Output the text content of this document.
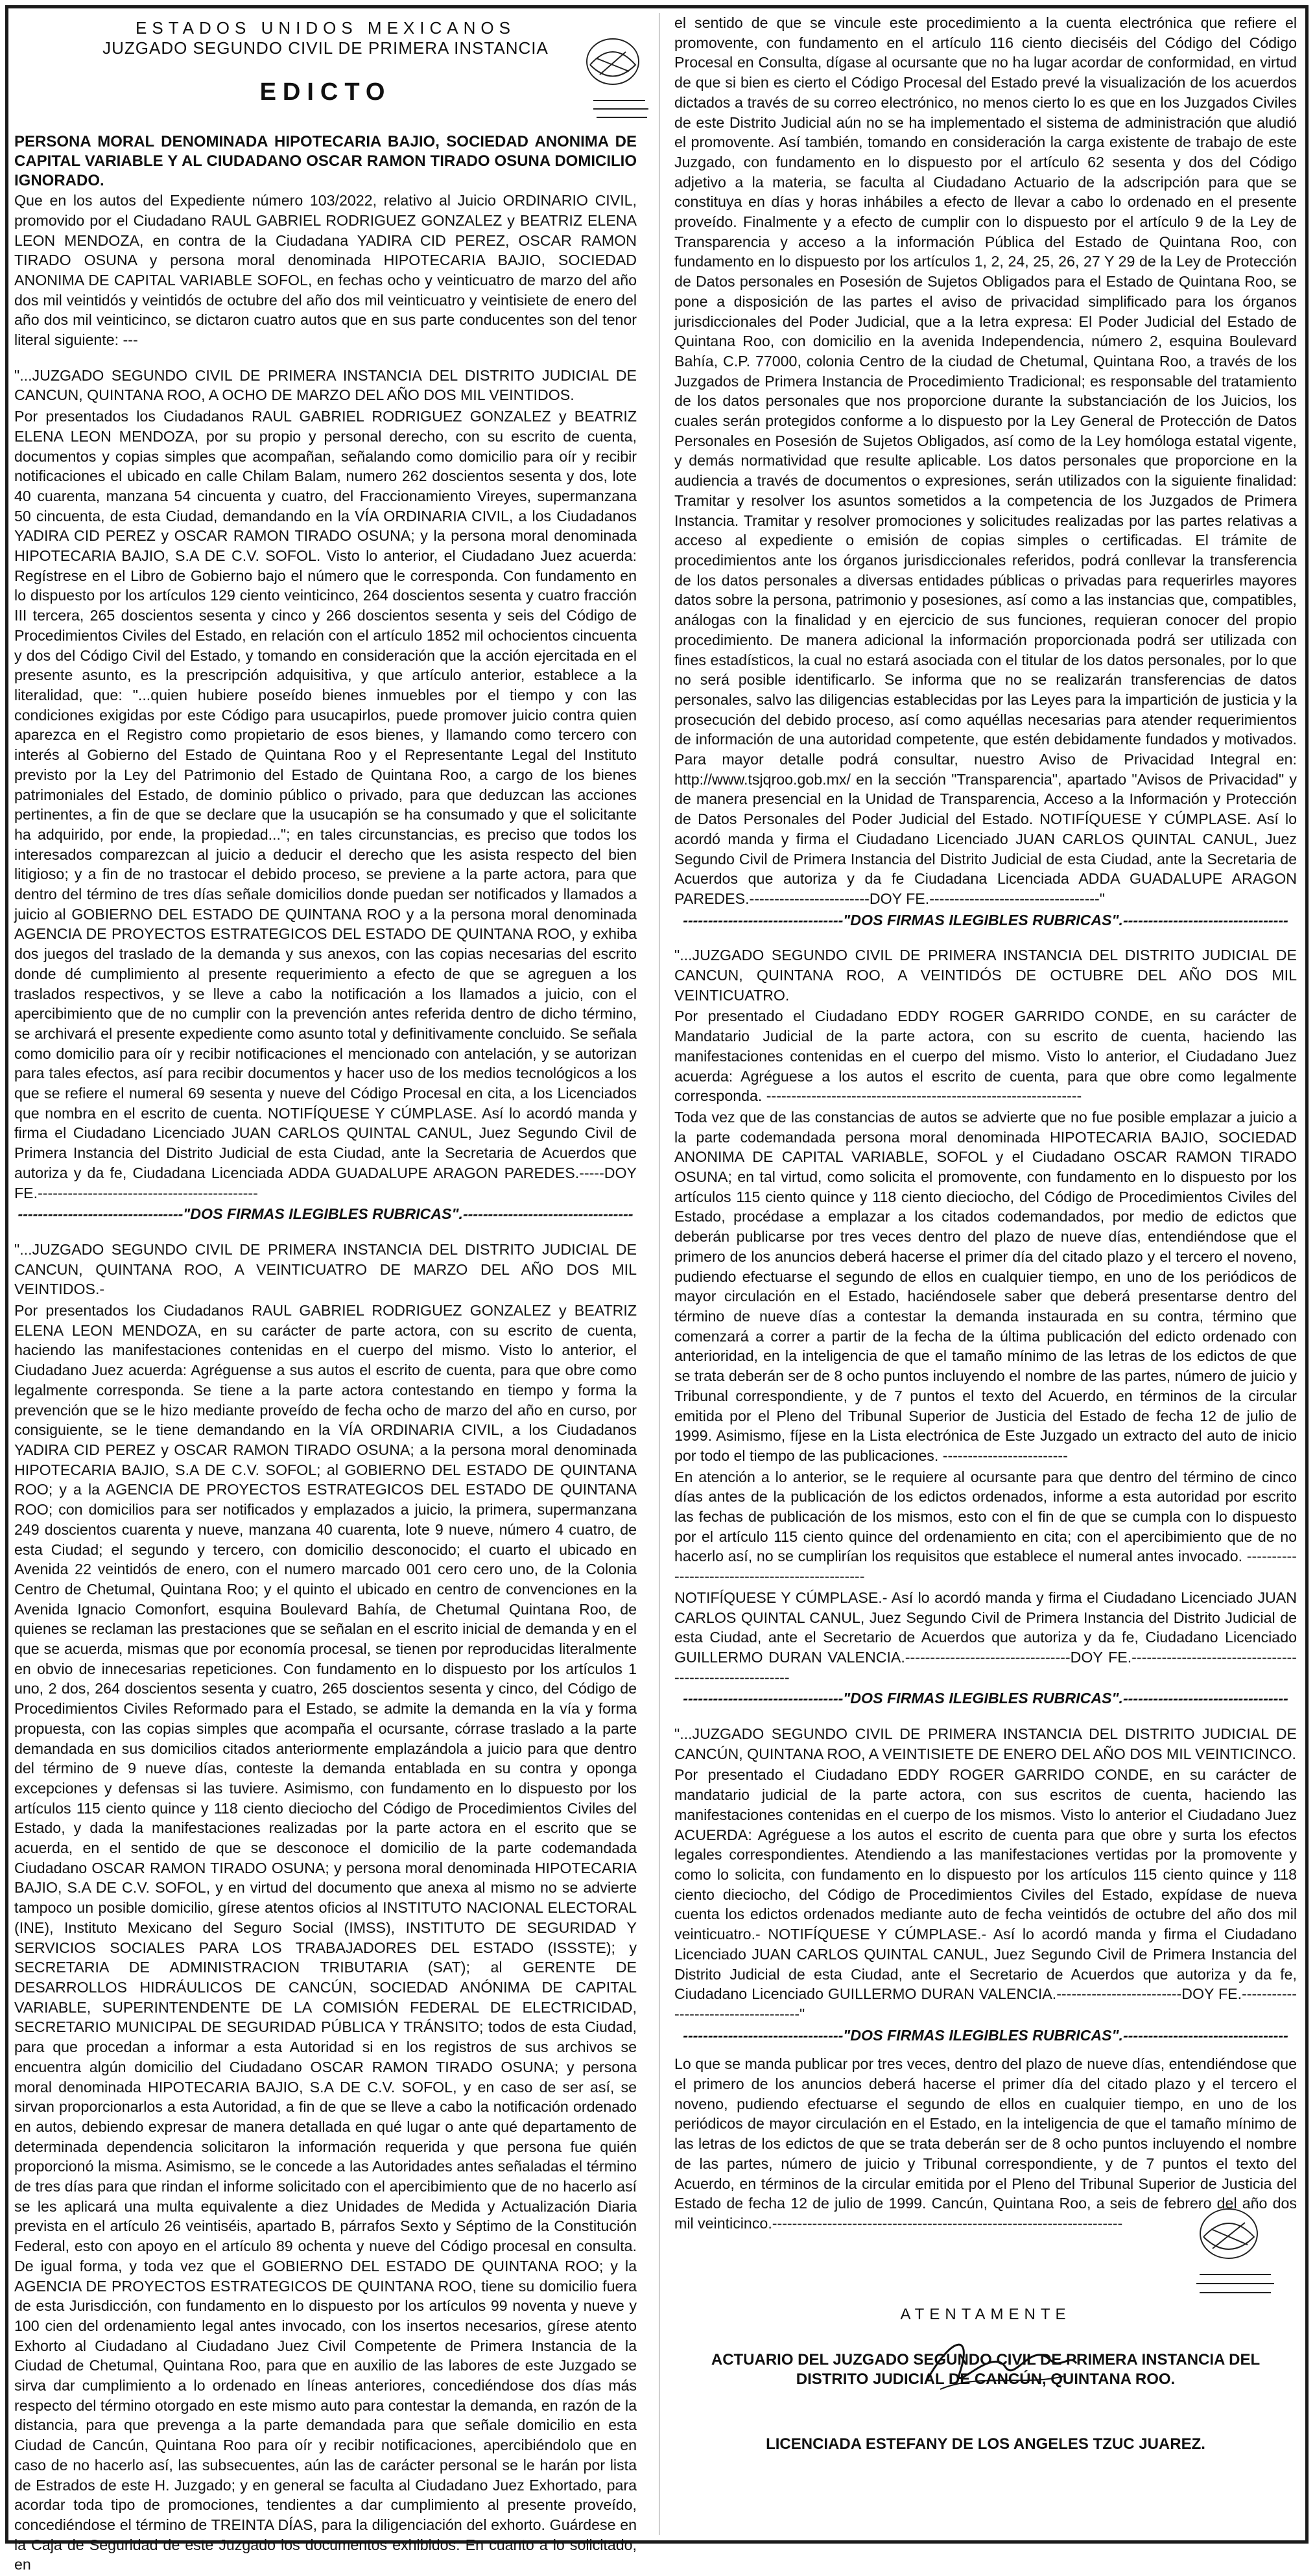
ESTADOS UNIDOS MEXICANOS
JUZGADO SEGUNDO CIVIL DE PRIMERA INSTANCIA
EDICTO
PERSONA MORAL DENOMINADA HIPOTECARIA BAJIO, SOCIEDAD ANONIMA DE CAPITAL VARIABLE Y AL CIUDADANO OSCAR RAMON TIRADO OSUNA DOMICILIO IGNORADO.
Que en los autos del Expediente número 103/2022, relativo al Juicio ORDINARIO CIVIL, promovido por el Ciudadano RAUL GABRIEL RODRIGUEZ GONZALEZ y BEATRIZ ELENA LEON MENDOZA, en contra de la Ciudadana YADIRA CID PEREZ, OSCAR RAMON TIRADO OSUNA y persona moral denominada HIPOTECARIA BAJIO, SOCIEDAD ANONIMA DE CAPITAL VARIABLE SOFOL, en fechas ocho y veinticuatro de marzo del año dos mil veintidós y veintidós de octubre del año dos mil veinticuatro y veintisiete de enero del año dos mil veinticinco, se dictaron cuatro autos que en sus parte conducentes son del tenor literal siguiente: ---
"...JUZGADO SEGUNDO CIVIL DE PRIMERA INSTANCIA DEL DISTRITO JUDICIAL DE CANCUN, QUINTANA ROO, A OCHO DE MARZO DEL AÑO DOS MIL VEINTIDOS.
Por presentados los Ciudadanos RAUL GABRIEL RODRIGUEZ GONZALEZ y BEATRIZ ELENA LEON MENDOZA, por su propio y personal derecho, con su escrito de cuenta, documentos y copias simples que acompañan, señalando como domicilio para oír y recibir notificaciones el ubicado en calle Chilam Balam, numero 262 doscientos sesenta y dos, lote 40 cuarenta, manzana 54 cincuenta y cuatro, del Fraccionamiento Vireyes, supermanzana 50 cincuenta, de esta Ciudad, demandando en la VÍA ORDINARIA CIVIL, a los Ciudadanos YADIRA CID PEREZ y OSCAR RAMON TIRADO OSUNA; y la persona moral denominada HIPOTECARIA BAJIO, S.A DE C.V. SOFOL. Visto lo anterior, el Ciudadano Juez acuerda: Regístrese en el Libro de Gobierno bajo el número que le corresponda. Con fundamento en lo dispuesto por los artículos 129 ciento veinticinco, 264 doscientos sesenta y cuatro fracción III tercera, 265 doscientos sesenta y cinco y 266 doscientos sesenta y seis del Código de Procedimientos Civiles del Estado, en relación con el artículo 1852 mil ochocientos cincuenta y dos del Código Civil del Estado, y tomando en consideración que la acción ejercitada en el presente asunto, es la prescripción adquisitiva, y que artículo anterior, establece a la literalidad, que: "...quien hubiere poseído bienes inmuebles por el tiempo y con las condiciones exigidas por este Código para usucapirlos, puede promover juicio contra quien aparezca en el Registro como propietario de esos bienes, y llamando como tercero con interés al Gobierno del Estado de Quintana Roo y el Representante Legal del Instituto previsto por la Ley del Patrimonio del Estado de Quintana Roo, a cargo de los bienes patrimoniales del Estado, de dominio público o privado, para que deduzcan las acciones pertinentes, a fin de que se declare que la usucapión se ha consumado y que el solicitante ha adquirido, por ende, la propiedad..."; en tales circunstancias, es preciso que todos los interesados comparezcan al juicio a deducir el derecho que les asista respecto del bien litigioso; y a fin de no trastocar el debido proceso, se previene a la parte actora, para que dentro del término de tres días señale domicilios donde puedan ser notificados y llamados a juicio al GOBIERNO DEL ESTADO DE QUINTANA ROO y a la persona moral denominada AGENCIA DE PROYECTOS ESTRATEGICOS DEL ESTADO DE QUINTANA ROO, y exhiba dos juegos del traslado de la demanda y sus anexos, con las copias necesarias del escrito donde dé cumplimiento al presente requerimiento a efecto de que se agreguen a los traslados respectivos, y se lleve a cabo la notificación a los llamados a juicio, con el apercibimiento que de no cumplir con la prevención antes referida dentro de dicho término, se archivará el presente expediente como asunto total y definitivamente concluido. Se señala como domicilio para oír y recibir notificaciones el mencionado con antelación, y se autorizan para tales efectos, así para recibir documentos y hacer uso de los medios tecnológicos a los que se refiere el numeral 69 sesenta y nueve del Código Procesal en cita, a los Licenciados que nombra en el escrito de cuenta. NOTIFÍQUESE Y CÚMPLASE. Así lo acordó manda y firma el Ciudadano Licenciado JUAN CARLOS QUINTAL CANUL, Juez Segundo Civil de Primera Instancia del Distrito Judicial de esta Ciudad, ante la Secretaria de Acuerdos que autoriza y da fe, Ciudadana Licenciada ADDA GUADALUPE ARAGON PAREDES.-----DOY FE.--------------------------------------------
---------------------------------"DOS FIRMAS ILEGIBLES RUBRICAS".----------------------------------
"...JUZGADO SEGUNDO CIVIL DE PRIMERA INSTANCIA DEL DISTRITO JUDICIAL DE CANCUN, QUINTANA ROO, A VEINTICUATRO DE MARZO DEL AÑO DOS MIL VEINTIDOS.-
Por presentados los Ciudadanos RAUL GABRIEL RODRIGUEZ GONZALEZ y BEATRIZ ELENA LEON MENDOZA, en su carácter de parte actora, con su escrito de cuenta, haciendo las manifestaciones contenidas en el cuerpo del mismo. Visto lo anterior, el Ciudadano Juez acuerda: Agréguense a sus autos el escrito de cuenta, para que obre como legalmente corresponda. Se tiene a la parte actora contestando en tiempo y forma la prevención que se le hizo mediante proveído de fecha ocho de marzo del año en curso, por consiguiente, se le tiene demandando en la VÍA ORDINARIA CIVIL, a los Ciudadanos YADIRA CID PEREZ y OSCAR RAMON TIRADO OSUNA; a la persona moral denominada HIPOTECARIA BAJIO, S.A DE C.V. SOFOL; al GOBIERNO DEL ESTADO DE QUINTANA ROO; y a la AGENCIA DE PROYECTOS ESTRATEGICOS DEL ESTADO DE QUINTANA ROO; con domicilios para ser notificados y emplazados a juicio, la primera, supermanzana 249 doscientos cuarenta y nueve, manzana 40 cuarenta, lote 9 nueve, número 4 cuatro, de esta Ciudad; el segundo y tercero, con domicilio desconocido; el cuarto el ubicado en Avenida 22 veintidós de enero, con el numero marcado 001 cero cero uno, de la Colonia Centro de Chetumal, Quintana Roo; y el quinto el ubicado en centro de convenciones en la Avenida Ignacio Comonfort, esquina Boulevard Bahía, de Chetumal Quintana Roo, de quienes se reclaman las prestaciones que se señalan en el escrito inicial de demanda y en el que se acuerda, mismas que por economía procesal, se tienen por reproducidas literalmente en obvio de innecesarias repeticiones. Con fundamento en lo dispuesto por los artículos 1 uno, 2 dos, 264 doscientos sesenta y cuatro, 265 doscientos sesenta y cinco, del Código de Procedimientos Civiles Reformado para el Estado, se admite la demanda en la vía y forma propuesta, con las copias simples que acompaña el ocursante, córrase traslado a la parte demandada en sus domicilios citados anteriormente emplazándola a juicio para que dentro del término de 9 nueve días, conteste la demanda entablada en su contra y oponga excepciones y defensas si las tuviere. Asimismo, con fundamento en lo dispuesto por los artículos 115 ciento quince y 118 ciento dieciocho del Código de Procedimientos Civiles del Estado, y dada la manifestaciones realizadas por la parte actora en el escrito que se acuerda, en el sentido de que se desconoce el domicilio de la parte codemandada Ciudadano OSCAR RAMON TIRADO OSUNA; y persona moral denominada HIPOTECARIA BAJIO, S.A DE C.V. SOFOL, y en virtud del documento que anexa al mismo no se advierte tampoco un posible domicilio, gírese atentos oficios al INSTITUTO NACIONAL ELECTORAL (INE), Instituto Mexicano del Seguro Social (IMSS), INSTITUTO DE SEGURIDAD Y SERVICIOS SOCIALES PARA LOS TRABAJADORES DEL ESTADO (ISSSTE); y SECRETARIA DE ADMINISTRACION TRIBUTARIA (SAT); al GERENTE DE DESARROLLOS HIDRÁULICOS DE CANCÚN, SOCIEDAD ANÓNIMA DE CAPITAL VARIABLE, SUPERINTENDENTE DE LA COMISIÓN FEDERAL DE ELECTRICIDAD, SECRETARIO MUNICIPAL DE SEGURIDAD PÚBLICA Y TRÁNSITO; todos de esta Ciudad, para que procedan a informar a esta Autoridad si en los registros de sus archivos se encuentra algún domicilio del Ciudadano OSCAR RAMON TIRADO OSUNA; y persona moral denominada HIPOTECARIA BAJIO, S.A DE C.V. SOFOL, y en caso de ser así, se sirvan proporcionarlos a esta Autoridad, a fin de que se lleve a cabo la notificación ordenado en autos, debiendo expresar de manera detallada en qué lugar o ante qué departamento de determinada dependencia solicitaron la información requerida y que persona fue quién proporcionó la misma. Asimismo, se le concede a las Autoridades antes señaladas el término de tres días para que rindan el informe solicitado con el apercibimiento que de no hacerlo así se les aplicará una multa equivalente a diez Unidades de Medida y Actualización Diaria prevista en el artículo 26 veintiséis, apartado B, párrafos Sexto y Séptimo de la Constitución Federal, esto con apoyo en el artículo 89 ochenta y nueve del Código procesal en consulta. De igual forma, y toda vez que el GOBIERNO DEL ESTADO DE QUINTANA ROO; y la AGENCIA DE PROYECTOS ESTRATEGICOS DE QUINTANA ROO, tiene su domicilio fuera de esta Jurisdicción, con fundamento en lo dispuesto por los artículos 99 noventa y nueve y 100 cien del ordenamiento legal antes invocado, con los insertos necesarios, gírese atento Exhorto al Ciudadano al Ciudadano Juez Civil Competente de Primera Instancia de la Ciudad de Chetumal, Quintana Roo, para que en auxilio de las labores de este Juzgado se sirva dar cumplimiento a lo ordenado en líneas anteriores, concediéndose dos días más respecto del término otorgado en este mismo auto para contestar la demanda, en razón de la distancia, para que prevenga a la parte demandada para que señale domicilio en esta Ciudad de Cancún, Quintana Roo para oír y recibir notificaciones, apercibiéndolo que en caso de no hacerlo así, las subsecuentes, aún las de carácter personal se le harán por lista de Estrados de este H. Juzgado; y en general se faculta al Ciudadano Juez Exhortado, para acordar toda tipo de promociones, tendientes a dar cumplimiento al presente proveído, concediéndose el término de TREINTA DÍAS, para la diligenciación del exhorto. Guárdese en la Caja de Seguridad de este Juzgado los documentos exhibidos. En cuanto a lo solicitado, en
el sentido de que se vincule este procedimiento a la cuenta electrónica que refiere el promovente, con fundamento en el artículo 116 ciento dieciséis del Código del Código Procesal en Consulta, dígase al ocursante que no ha lugar acordar de conformidad, en virtud de que si bien es cierto el Código Procesal del Estado prevé la visualización de los acuerdos dictados a través de su correo electrónico, no menos cierto lo es que en los Juzgados Civiles de este Distrito Judicial aún no se ha implementado el sistema de administración que aludió el promovente. Así también, tomando en consideración la carga existente de trabajo de este Juzgado, con fundamento en lo dispuesto por el artículo 62 sesenta y dos del Código adjetivo a la materia, se faculta al Ciudadano Actuario de la adscripción para que se constituya en días y horas inhábiles a efecto de llevar a cabo lo ordenado en el presente proveído. Finalmente y a efecto de cumplir con lo dispuesto por el artículo 9 de la Ley de Transparencia y acceso a la información Pública del Estado de Quintana Roo, con fundamento en lo dispuesto por los artículos 1, 2, 24, 25, 26, 27 Y 29 de la Ley de Protección de Datos personales en Posesión de Sujetos Obligados para el Estado de Quintana Roo, se pone a disposición de las partes el aviso de privacidad simplificado para los órganos jurisdiccionales del Poder Judicial, que a la letra expresa: El Poder Judicial del Estado de Quintana Roo, con domicilio en la avenida Independencia, número 2, esquina Boulevard Bahía, C.P. 77000, colonia Centro de la ciudad de Chetumal, Quintana Roo, a través de los Juzgados de Primera Instancia de Procedimiento Tradicional; es responsable del tratamiento de los datos personales que nos proporcione durante la substanciación de los Juicios, los cuales serán protegidos conforme a lo dispuesto por la Ley General de Protección de Datos Personales en Posesión de Sujetos Obligados, así como de la Ley homóloga estatal vigente, y demás normatividad que resulte aplicable. Los datos personales que proporcione en la audiencia a través de documentos o expresiones, serán utilizados con la siguiente finalidad: Tramitar y resolver los asuntos sometidos a la competencia de los Juzgados de Primera Instancia. Tramitar y resolver promociones y solicitudes realizadas por las partes relativas a acceso al expediente o emisión de copias simples o certificadas. El trámite de procedimientos ante los órganos jurisdiccionales referidos, podrá conllevar la transferencia de los datos personales a diversas entidades públicas o privadas para requerirles mayores datos sobre la persona, patrimonio y posesiones, así como a las instancias que, compatibles, análogas con la finalidad y en ejercicio de sus funciones, requieran conocer del propio procedimiento. De manera adicional la información proporcionada podrá ser utilizada con fines estadísticos, la cual no estará asociada con el titular de los datos personales, por lo que no será posible identificarlo. Se informa que no se realizarán transferencias de datos personales, salvo las diligencias establecidas por las Leyes para la impartición de justicia y la prosecución del debido proceso, así como aquéllas necesarias para atender requerimientos de información de una autoridad competente, que estén debidamente fundados y motivados. Para mayor detalle podrá consultar, nuestro Aviso de Privacidad Integral en: http://www.tsjqroo.gob.mx/ en la sección "Transparencia", apartado "Avisos de Privacidad" y de manera presencial en la Unidad de Transparencia, Acceso a la Información y Protección de Datos Personales del Poder Judicial del Estado. NOTIFÍQUESE Y CÚMPLASE. Así lo acordó manda y firma el Ciudadano Licenciado JUAN CARLOS QUINTAL CANUL, Juez Segundo Civil de Primera Instancia del Distrito Judicial de esta Ciudad, ante la Secretaria de Acuerdos que autoriza y da fe Ciudadana Licenciada ADDA GUADALUPE ARAGON PAREDES.------------------------DOY FE.----------------------------------"
--------------------------------"DOS FIRMAS ILEGIBLES RUBRICAS".---------------------------------
"...JUZGADO SEGUNDO CIVIL DE PRIMERA INSTANCIA DEL DISTRITO JUDICIAL DE CANCUN, QUINTANA ROO, A VEINTIDÓS DE OCTUBRE DEL AÑO DOS MIL VEINTICUATRO.
Por presentado el Ciudadano EDDY ROGER GARRIDO CONDE, en su carácter de Mandatario Judicial de la parte actora, con su escrito de cuenta, haciendo las manifestaciones contenidas en el cuerpo del mismo. Visto lo anterior, el Ciudadano Juez acuerda: Agréguese a los autos el escrito de cuenta, para que obre como legalmente corresponda. ---------------------------------------------------------------
Toda vez que de las constancias de autos se advierte que no fue posible emplazar a juicio a la parte codemandada persona moral denominada HIPOTECARIA BAJIO, SOCIEDAD ANONIMA DE CAPITAL VARIABLE, SOFOL y el Ciudadano OSCAR RAMON TIRADO OSUNA; en tal virtud, como solicita el promovente, con fundamento en lo dispuesto por los artículos 115 ciento quince y 118 ciento dieciocho, del Código de Procedimientos Civiles del Estado, procédase a emplazar a los citados codemandados, por medio de edictos que deberán publicarse por tres veces dentro del plazo de nueve días, entendiéndose que el primero de los anuncios deberá hacerse el primer día del citado plazo y el tercero el noveno, pudiendo efectuarse el segundo de ellos en cualquier tiempo, en uno de los periódicos de mayor circulación en el Estado, haciéndosele saber que deberá presentarse dentro del término de nueve días a contestar la demanda instaurada en su contra, término que comenzará a correr a partir de la fecha de la última publicación del edicto ordenado con anterioridad, en la inteligencia de que el tamaño mínimo de las letras de los edictos de que se trata deberán ser de 8 ocho puntos incluyendo el nombre de las partes, número de juicio y Tribunal correspondiente, y de 7 puntos el texto del Acuerdo, en términos de la circular emitida por el Pleno del Tribunal Superior de Justicia del Estado de fecha 12 de julio de 1999. Asimismo, fíjese en la Lista electrónica de Este Juzgado un extracto del auto de inicio por todo el tiempo de las publicaciones. -------------------------
En atención a lo anterior, se le requiere al ocursante para que dentro del término de cinco días antes de la publicación de los edictos ordenados, informe a esta autoridad por escrito las fechas de publicación de los mismos, esto con el fin de que se cumpla con lo dispuesto por el artículo 115 ciento quince del ordenamiento en cita; con el apercibimiento que de no hacerlo así, no se cumplirían los requisitos que establece el numeral antes invocado. ------------------------------------------------
NOTIFÍQUESE Y CÚMPLASE.- Así lo acordó manda y firma el Ciudadano Licenciado JUAN CARLOS QUINTAL CANUL, Juez Segundo Civil de Primera Instancia del Distrito Judicial de esta Ciudad, ante el Secretario de Acuerdos que autoriza y da fe, Ciudadano Licenciado GUILLERMO DURAN VALENCIA.---------------------------------DOY FE.--------------------------------------------------------
--------------------------------"DOS FIRMAS ILEGIBLES RUBRICAS".---------------------------------
"...JUZGADO SEGUNDO CIVIL DE PRIMERA INSTANCIA DEL DISTRITO JUDICIAL DE CANCÚN, QUINTANA ROO, A VEINTISIETE DE ENERO DEL AÑO DOS MIL VEINTICINCO.
Por presentado el Ciudadano EDDY ROGER GARRIDO CONDE, en su carácter de mandatario judicial de la parte actora, con sus escritos de cuenta, haciendo las manifestaciones contenidas en el cuerpo de los mismos. Visto lo anterior el Ciudadano Juez ACUERDA: Agréguese a los autos el escrito de cuenta para que obre y surta los efectos legales correspondientes. Atendiendo a las manifestaciones vertidas por la promovente y como lo solicita, con fundamento en lo dispuesto por los artículos 115 ciento quince y 118 ciento dieciocho, del Código de Procedimientos Civiles del Estado, expídase de nueva cuenta los edictos ordenados mediante auto de fecha veintidós de octubre del año dos mil veinticuatro.- NOTIFÍQUESE Y CÚMPLASE.- Así lo acordó manda y firma el Ciudadano Licenciado JUAN CARLOS QUINTAL CANUL, Juez Segundo Civil de Primera Instancia del Distrito Judicial de esta Ciudad, ante el Secretario de Acuerdos que autoriza y da fe, Ciudadano Licenciado GUILLERMO DURAN VALENCIA.-------------------------DOY FE.------------------------------------"
--------------------------------"DOS FIRMAS ILEGIBLES RUBRICAS".---------------------------------
Lo que se manda publicar por tres veces, dentro del plazo de nueve días, entendiéndose que el primero de los anuncios deberá hacerse el primer día del citado plazo y el tercero el noveno, pudiendo efectuarse el segundo de ellos en cualquier tiempo, en uno de los periódicos de mayor circulación en el Estado, en la inteligencia de que el tamaño mínimo de las letras de los edictos de que se trata deberán ser de 8 ocho puntos incluyendo el nombre de las partes, número de juicio y Tribunal correspondiente, y de 7 puntos el texto del Acuerdo, en términos de la circular emitida por el Pleno del Tribunal Superior de Justicia del Estado de fecha 12 de julio de 1999. Cancún, Quintana Roo, a seis de febrero del año dos mil veinticinco.----------------------------------------------------------------------
ATENTAMENTE
ACTUARIO DEL JUZGADO SEGUNDO CIVIL DE PRIMERA INSTANCIA DEL DISTRITO JUDICIAL DE CANCÚN, QUINTANA ROO.
LICENCIADA ESTEFANY DE LOS ANGELES TZUC JUAREZ.
